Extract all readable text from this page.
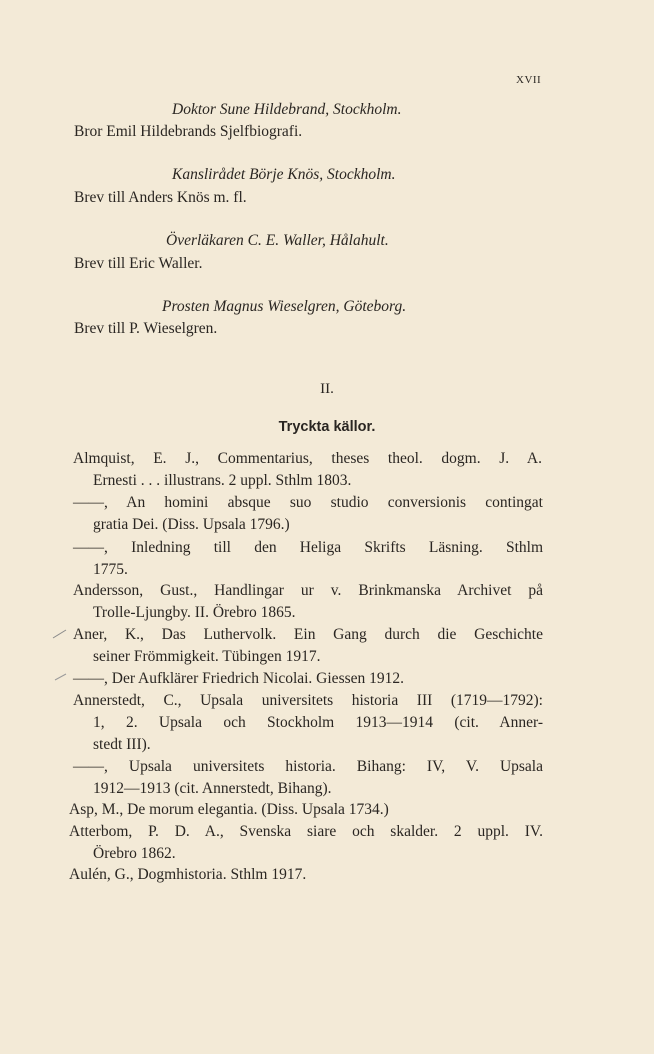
XVII
Doktor Sune Hildebrand, Stockholm.
Bror Emil Hildebrands Sjelfbiografi.
Kanslirådet Börje Knös, Stockholm.
Brev till Anders Knös m. fl.
Överläkaren C. E. Waller, Hålahult.
Brev till Eric Waller.
Prosten Magnus Wieselgren, Göteborg.
Brev till P. Wieselgren.
II.
Tryckta källor.
Almquist, E. J., Commentarius, theses theol. dogm. J. A.
Ernesti . . . illustrans. 2 uppl. Sthlm 1803.
——, An homini absque suo studio conversionis contingat
gratia Dei. (Diss. Upsala 1796.)
——, Inledning till den Heliga Skrifts Läsning. Sthlm
1775.
Andersson, Gust., Handlingar ur v. Brinkmanska Archivet på
Trolle-Ljungby. II. Örebro 1865.
Aner, K., Das Luthervolk. Ein Gang durch die Geschichte
seiner Frömmigkeit. Tübingen 1917.
——, Der Aufklärer Friedrich Nicolai. Giessen 1912.
Annerstedt, C., Upsala universitets historia III (1719—1792):
1, 2. Upsala och Stockholm 1913—1914 (cit. Anner-
stedt III).
——, Upsala universitets historia. Bihang: IV, V. Upsala
1912—1913 (cit. Annerstedt, Bihang).
Asp, M., De morum elegantia. (Diss. Upsala 1734.)
Atterbom, P. D. A., Svenska siare och skalder. 2 uppl. IV.
Örebro 1862.
Aulén, G., Dogmhistoria. Sthlm 1917.
